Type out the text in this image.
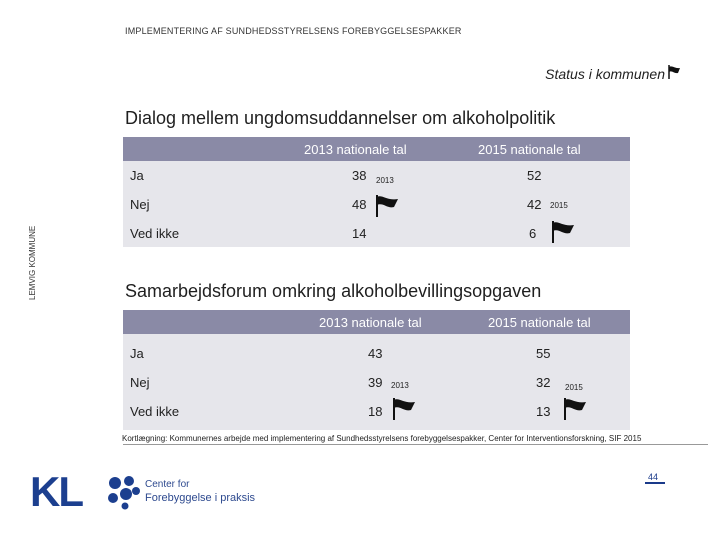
IMPLEMENTERING AF SUNDHEDSSTYRELSENS FOREBYGGELSESPAKKER
Status i kommunen
LEMVIG KOMMUNE
Dialog mellem ungdomsuddannelser om alkoholpolitik
2013 nationale tal	2015 nationale tal
Ja	38	52
2013
Nej	48	42 2015
Ved ikke	14	6
Samarbejdsforum omkring alkoholbevillingsopgaven
2013 nationale tal	2015 nationale tal
Ja	43	55
Nej	39	32
2013	2015
Ved ikke	18	13
Kortlægning: Kommunernes arbejde med implementering af Sundhedsstyrelsens forebyggelsespakker, Center for Interventionsforskning, SIF 2015
KL	Center for
Forebyggelse i praksis
44
